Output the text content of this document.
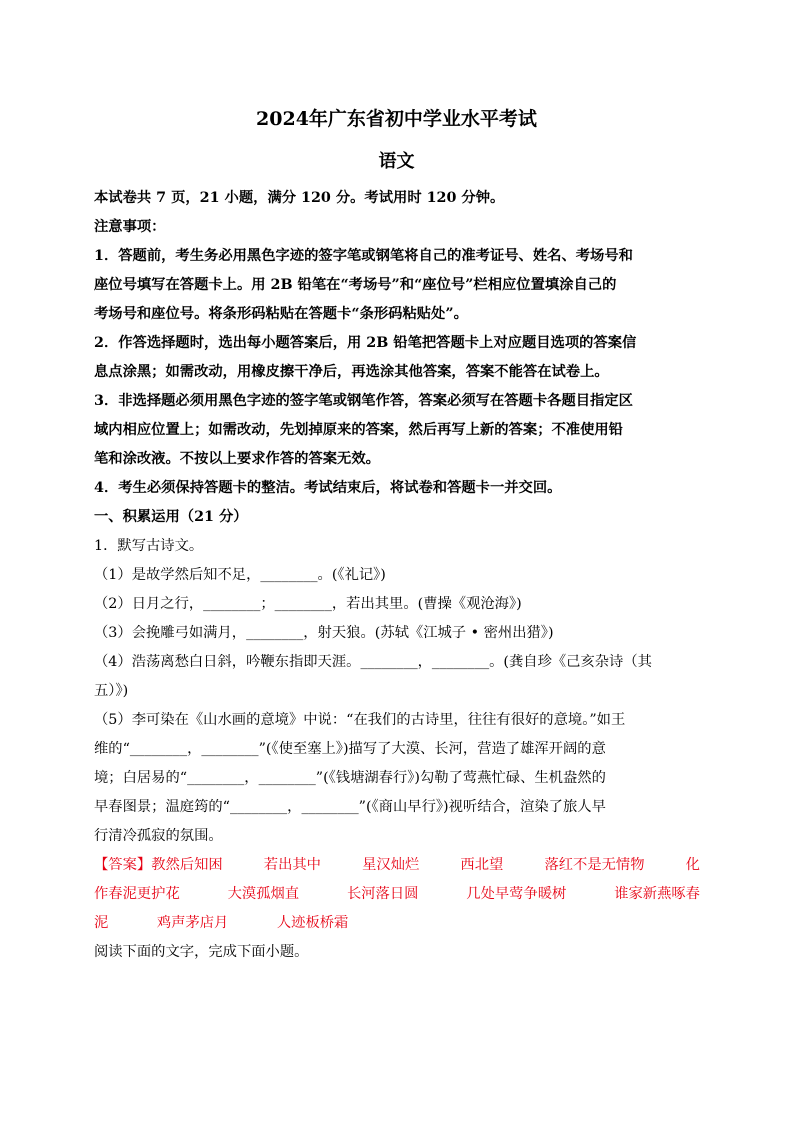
2024年广东省初中学业水平考试
语文
本试卷共 7 页，21 小题，满分 120 分。考试用时 120 分钟。
注意事项：
1．答题前，考生务必用黑色字迹的签字笔或钢笔将自己的准考证号、姓名、考场号和
座位号填写在答题卡上。用 2B 铅笔在“考场号”和“座位号”栏相应位置填涂自己的
考场号和座位号。将条形码粘贴在答题卡“条形码粘贴处”。
2．作答选择题时，选出每小题答案后，用 2B 铅笔把答题卡上对应题目选项的答案信
息点涂黑；如需改动，用橡皮擦干净后，再选涂其他答案，答案不能答在试卷上。
3．非选择题必须用黑色字迹的签字笔或钢笔作答，答案必须写在答题卡各题目指定区
域内相应位置上；如需改动，先划掉原来的答案，然后再写上新的答案；不准使用铅
笔和涂改液。不按以上要求作答的答案无效。
4．考生必须保持答题卡的整洁。考试结束后，将试卷和答题卡一并交回。
一、积累运用（21 分）
1．默写古诗文。
（1）是故学然后知不足，________。(《礼记》)
（2）日月之行，________；________，若出其里。(曹操《观沧海》)
（3）会挽雕弓如满月，________，射天狼。(苏轼《江城子 • 密州出猎》)
（4）浩荡离愁白日斜，吟鞭东指即天涯。________，________。(龚自珍《己亥杂诗（其
五）》)
（5）李可染在《山水画的意境》中说：“在我们的古诗里，往往有很好的意境。”如王
维的“________，________”(《使至塞上》)描写了大漠、长河，营造了雄浑开阔的意
境；白居易的“________，________”(《钱塘湖春行》)勾勒了莺燕忙碌、生机盎然的
早春图景；温庭筠的“________，________”(《商山早行》)视听结合，渲染了旅人早
行清冷孤寂的氛围。
【答案】教然后知困	若出其中	星汉灿烂	西北望	落红不是无情物	化
作春泥更护花	大漠孤烟直	长河落日圆	几处早莺争暖树	谁家新燕啄春
泥	鸡声茅店月	人迹板桥霜
阅读下面的文字，完成下面小题。
